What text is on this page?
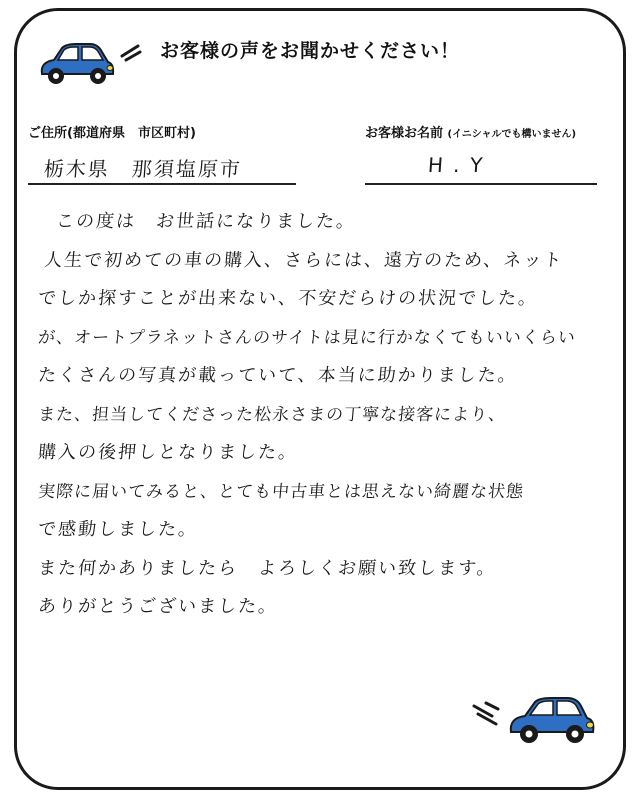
お客様の声をお聞かせください！
ご住所(都道府県　市区町村)
栃木県　那須塩原市
お客様お名前 (イニシャルでも構いません)
H . Y
この度は　お世話になりました。
人生で初めての車の購入、さらには、遠方のため、ネット
でしか探すことが出来ない、不安だらけの状況でした。
が、オートプラネットさんのサイトは見に行かなくてもいいくらい
たくさんの写真が載っていて、本当に助かりました。
また、担当してくださった松永さまの丁寧な接客により、
購入の後押しとなりました。
実際に届いてみると、とても中古車とは思えない綺麗な状態
で感動しました。
また何かありましたら　よろしくお願い致します。
ありがとうございました。
